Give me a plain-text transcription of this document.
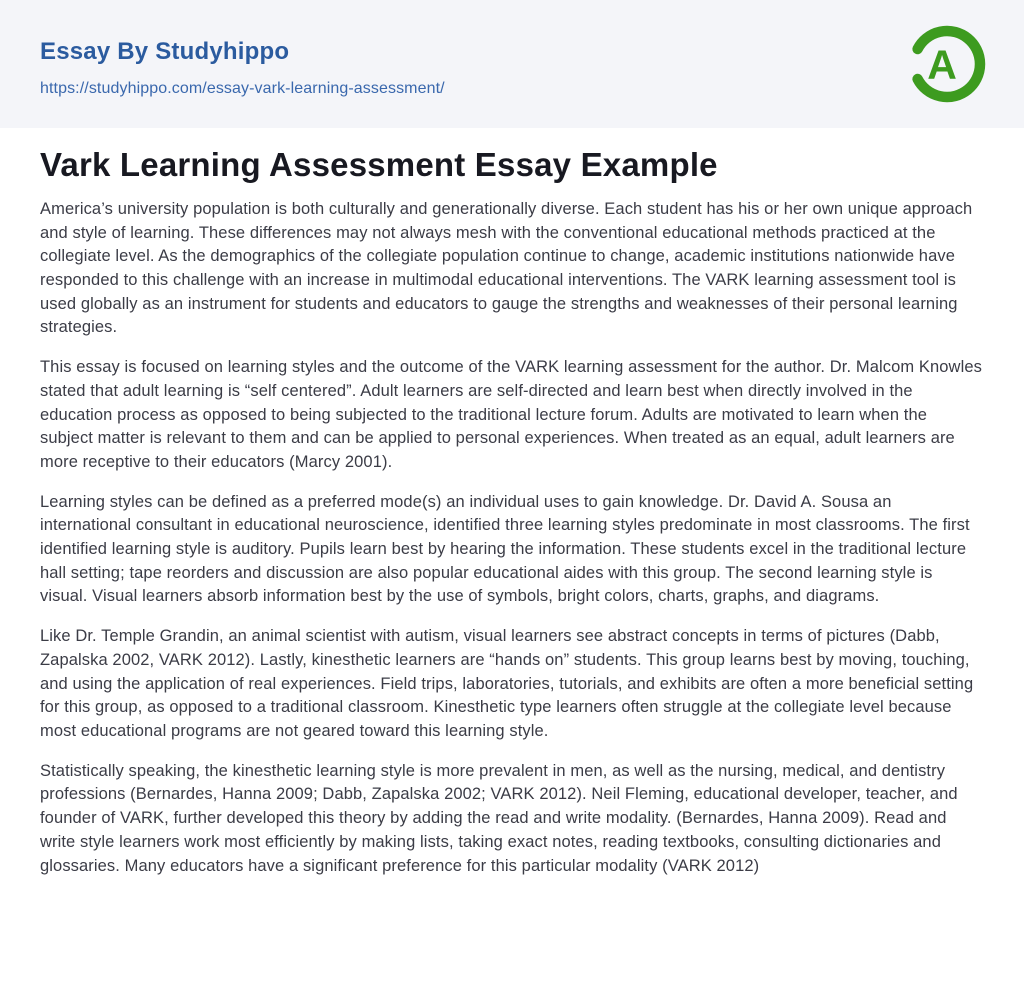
Essay By Studyhippo
https://studyhippo.com/essay-vark-learning-assessment/
A
Vark Learning Assessment Essay Example

America’s university population is both culturally and generationally diverse. Each student has his or her own unique approach and style of learning. These differences may not always mesh with the conventional educational methods practiced at the collegiate level. As the demographics of the collegiate population continue to change, academic institutions nationwide have responded to this challenge with an increase in multimodal educational interventions. The VARK learning assessment tool is used globally as an instrument for students and educators to gauge the strengths and weaknesses of their personal learning strategies.

This essay is focused on learning styles and the outcome of the VARK learning assessment for the author. Dr. Malcom Knowles stated that adult learning is “self centered”. Adult learners are self-directed and learn best when directly involved in the education process as opposed to being subjected to the traditional lecture forum. Adults are motivated to learn when the subject matter is relevant to them and can be applied to personal experiences. When treated as an equal, adult learners are more receptive to their educators (Marcy 2001).

Learning styles can be defined as a preferred mode(s) an individual uses to gain knowledge. Dr. David A. Sousa an international consultant in educational neuroscience, identified three learning styles predominate in most classrooms. The first identified learning style is auditory. Pupils learn best by hearing the information. These students excel in the traditional lecture hall setting; tape reorders and discussion are also popular educational aides with this group. The second learning style is visual. Visual learners absorb information best by the use of symbols, bright colors, charts, graphs, and diagrams.

Like Dr. Temple Grandin, an animal scientist with autism, visual learners see abstract concepts in terms of pictures (Dabb, Zapalska 2002, VARK 2012). Lastly, kinesthetic learners are “hands on” students. This group learns best by moving, touching, and using the application of real experiences. Field trips, laboratories, tutorials, and exhibits are often a more beneficial setting for this group, as opposed to a traditional classroom. Kinesthetic type learners often struggle at the collegiate level because most educational programs are not geared toward this learning style.

Statistically speaking, the kinesthetic learning style is more prevalent in men, as well as the nursing, medical, and dentistry professions (Bernardes, Hanna 2009; Dabb, Zapalska 2002; VARK 2012). Neil Fleming, educational developer, teacher, and founder of VARK, further developed this theory by adding the read and write modality. (Bernardes, Hanna 2009). Read and write style learners work most efficiently by making lists, taking exact notes, reading textbooks, consulting dictionaries and glossaries. Many educators have a significant preference for this particular modality (VARK 2012)
